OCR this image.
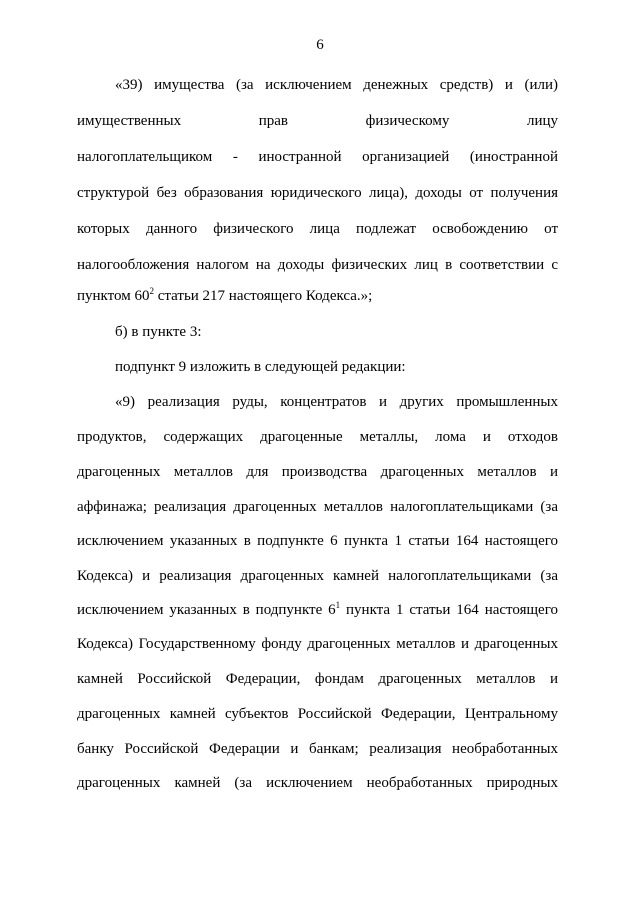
6
«39) имущества (за исключением денежных средств) и (или)
имущественных прав физическому лицу
налогоплательщиком - иностранной организацией (иностранной
структурой без образования юридического лица), доходы от получения
которых данного физического лица подлежат освобождению от
налогообложения налогом на доходы физических лиц в соответствии с
пунктом $60^2$ статьи 217 настоящего Кодекса.»;
б) в пункте 3:
подпункт 9 изложить в следующей редакции:
«9) реализация руды, концентратов и других промышленных
продуктов, содержащих драгоценные металлы, лома и отходов
драгоценных металлов для производства драгоценных металлов и
аффинажа; реализация драгоценных металлов налогоплательщиками (за
исключением указанных в подпункте 6 пункта 1 статьи 164 настоящего
Кодекса) и реализация драгоценных камней налогоплательщиками (за
исключением указанных в подпункте $6^1$ пункта 1 статьи 164 настоящего
Кодекса) Государственному фонду драгоценных металлов и драгоценных
камней Российской Федерации, фондам драгоценных металлов и
драгоценных камней субъектов Российской Федерации, Центральному
банку Российской Федерации и банкам; реализация необработанных
драгоценных камней (за исключением необработанных природных
